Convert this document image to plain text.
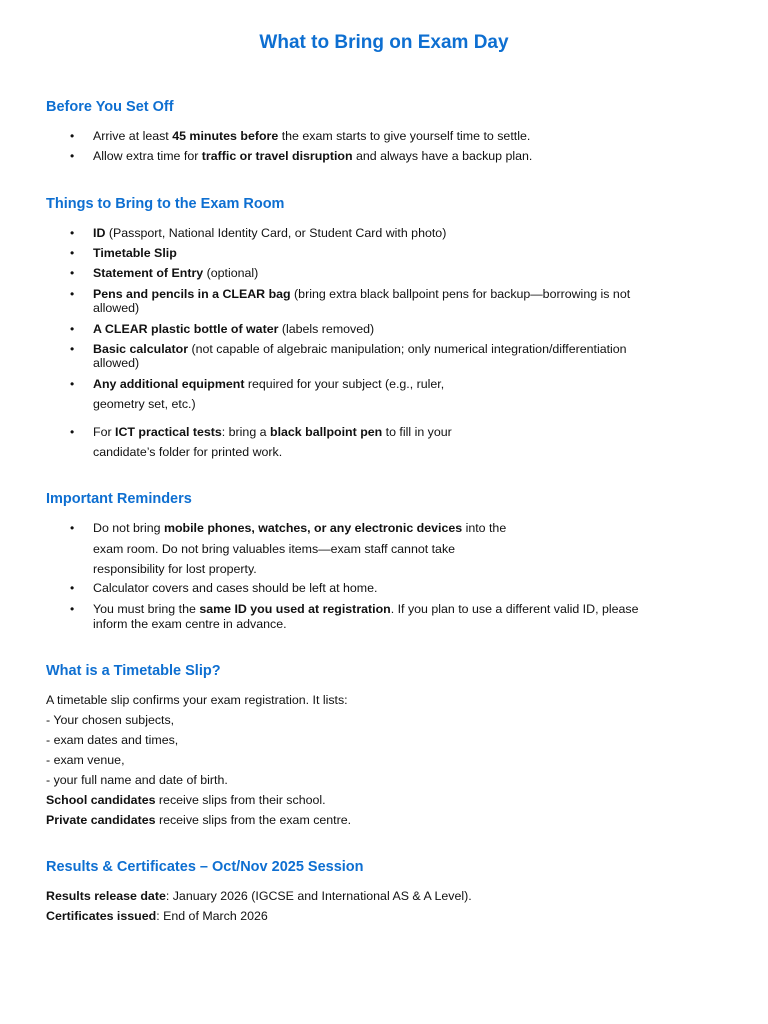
What to Bring on Exam Day
Before You Set Off
• Arrive at least 45 minutes before the exam starts to give yourself time to settle.
• Allow extra time for traffic or travel disruption and always have a backup plan.
Things to Bring to the Exam Room
• ID (Passport, National Identity Card, or Student Card with photo)
• Timetable Slip
• Statement of Entry (optional)
• Pens and pencils in a CLEAR bag (bring extra black ballpoint pens for backup—borrowing is not
allowed)
• A CLEAR plastic bottle of water (labels removed)
• Basic calculator (not capable of algebraic manipulation; only numerical integration/differentiation
allowed)
• Any additional equipment required for your subject (e.g., ruler,
geometry set, etc.)
• For ICT practical tests: bring a black ballpoint pen to fill in your
candidate’s folder for printed work.
Important Reminders
• Do not bring mobile phones, watches, or any electronic devices into the
exam room. Do not bring valuables items—exam staff cannot take
responsibility for lost property.
• Calculator covers and cases should be left at home.
• You must bring the same ID you used at registration. If you plan to use a different valid ID, please
inform the exam centre in advance.
What is a Timetable Slip?
A timetable slip confirms your exam registration. It lists:
- Your chosen subjects,
- exam dates and times,
- exam venue,
- your full name and date of birth.
School candidates receive slips from their school.
Private candidates receive slips from the exam centre.
Results & Certificates – Oct/Nov 2025 Session
Results release date: January 2026 (IGCSE and International AS & A Level).
Certificates issued: End of March 2026
